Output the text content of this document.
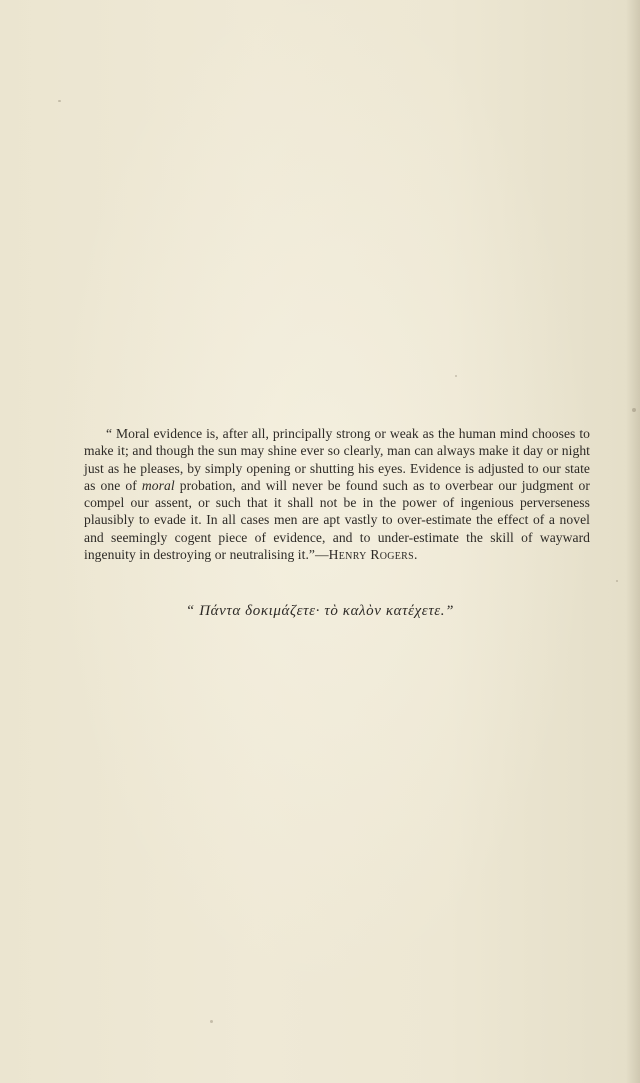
“ Moral evidence is, after all, principally strong or weak as the human mind chooses to make it; and though the sun may shine ever so clearly, man can always make it day or night just as he pleases, by simply opening or shutting his eyes. Evidence is adjusted to our state as one of moral probation, and will never be found such as to overbear our judgment or compel our assent, or such that it shall not be in the power of ingenious perverseness plausibly to evade it. In all cases men are apt vastly to over-estimate the effect of a novel and seemingly cogent piece of evidence, and to under-estimate the skill of wayward ingenuity in destroying or neutralising it.”—Henry Rogers.

“ Πάντα δοκιμάζετε· τὸ καλὸν κατέχετε.”
